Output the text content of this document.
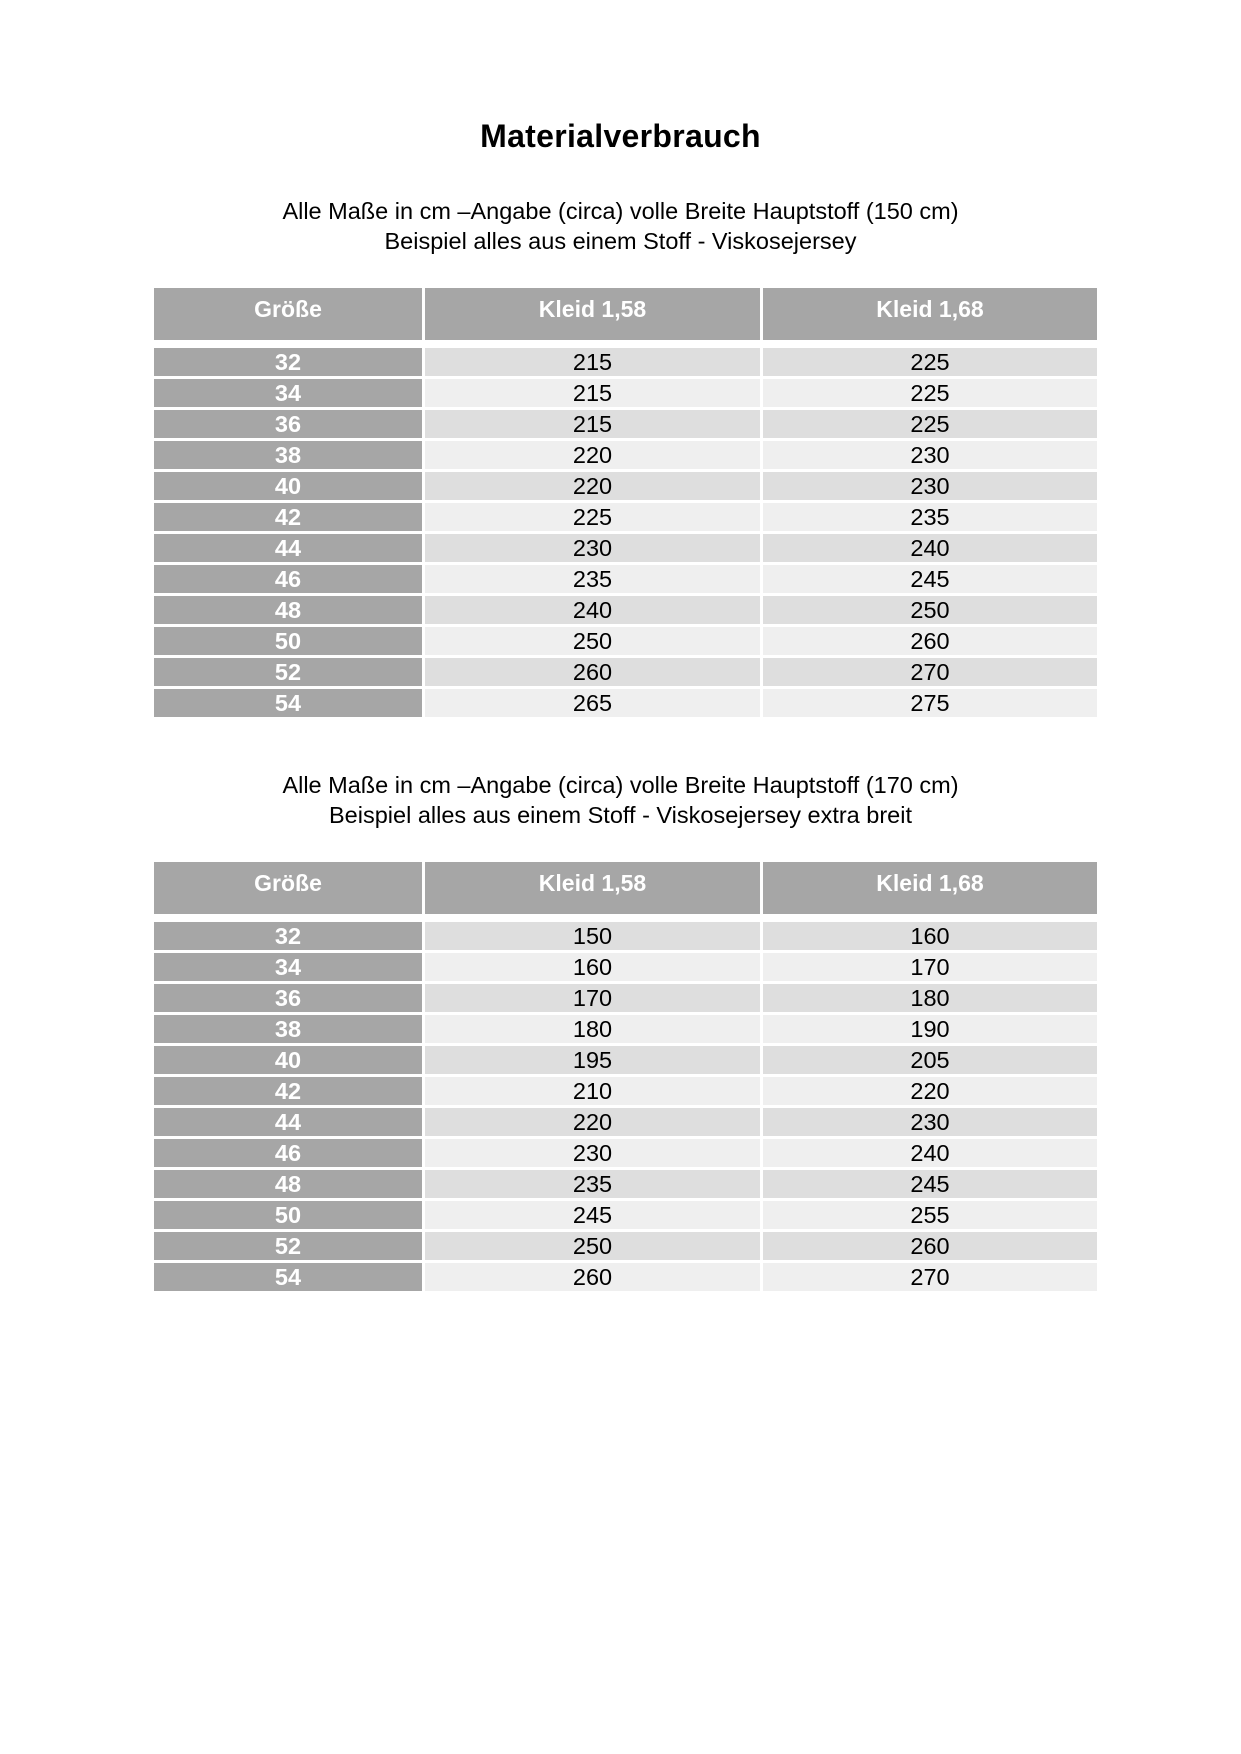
Materialverbrauch
Alle Maße in cm –Angabe (circa) volle Breite Hauptstoff (150 cm)
Beispiel alles aus einem Stoff - Viskosejersey
Größe	Kleid 1,58	Kleid 1,68
32	215	225
34	215	225
36	215	225
38	220	230
40	220	230
42	225	235
44	230	240
46	235	245
48	240	250
50	250	260
52	260	270
54	265	275
Alle Maße in cm –Angabe (circa) volle Breite Hauptstoff (170 cm)
Beispiel alles aus einem Stoff - Viskosejersey extra breit
Größe	Kleid 1,58	Kleid 1,68
32	150	160
34	160	170
36	170	180
38	180	190
40	195	205
42	210	220
44	220	230
46	230	240
48	235	245
50	245	255
52	250	260
54	260	270
